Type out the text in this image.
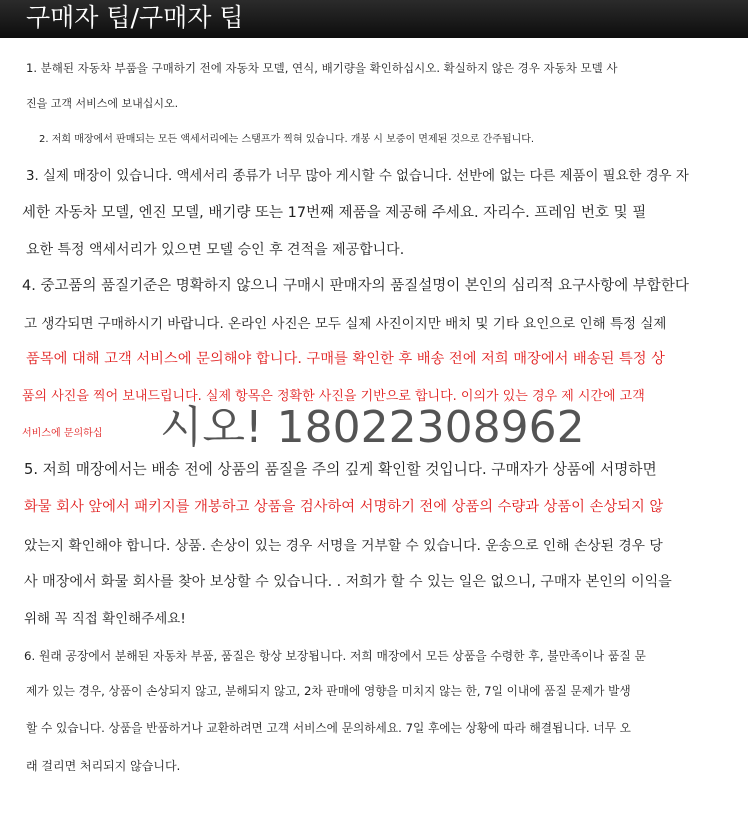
구매자 팁/구매자 팁
1. 분해된 자동차 부품을 구매하기 전에 자동차 모델, 연식, 배기량을 확인하십시오. 확실하지 않은 경우 자동차 모델 사
진을 고객 서비스에 보내십시오.
2. 저희 매장에서 판매되는 모든 액세서리에는 스탬프가 찍혀 있습니다. 개봉 시 보증이 면제된 것으로 간주됩니다.
3. 실제 매장이 있습니다. 액세서리 종류가 너무 많아 게시할 수 없습니다. 선반에 없는 다른 제품이 필요한 경우 자
세한 자동차 모델, 엔진 모델, 배기량 또는 17번째 제품을 제공해 주세요. 자리수. 프레임 번호 및 필
요한 특정 액세서리가 있으면 모델 승인 후 견적을 제공합니다.
4. 중고품의 품질기준은 명확하지 않으니 구매시 판매자의 품질설명이 본인의 심리적 요구사항에 부합한다
고 생각되면 구매하시기 바랍니다. 온라인 사진은 모두 실제 사진이지만 배치 및 기타 요인으로 인해 특정 실제
품목에 대해 고객 서비스에 문의해야 합니다. 구매를 확인한 후 배송 전에 저희 매장에서 배송된 특정 상
품의 사진을 찍어 보내드립니다. 실제 항목은 정확한 사진을 기반으로 합니다. 이의가 있는 경우 제 시간에 고객
서비스에 문의하십 시오! 18022308962
5. 저희 매장에서는 배송 전에 상품의 품질을 주의 깊게 확인할 것입니다. 구매자가 상품에 서명하면
화물 회사 앞에서 패키지를 개봉하고 상품을 검사하여 서명하기 전에 상품의 수량과 상품이 손상되지 않
았는지 확인해야 합니다. 상품. 손상이 있는 경우 서명을 거부할 수 있습니다. 운송으로 인해 손상된 경우 당
사 매장에서 화물 회사를 찾아 보상할 수 있습니다. . 저희가 할 수 있는 일은 없으니, 구매자 본인의 이익을
위해 꼭 직접 확인해주세요!
6. 원래 공장에서 분해된 자동차 부품, 품질은 항상 보장됩니다. 저희 매장에서 모든 상품을 수령한 후, 불만족이나 품질 문
제가 있는 경우, 상품이 손상되지 않고, 분해되지 않고, 2차 판매에 영향을 미치지 않는 한, 7일 이내에 품질 문제가 발생
할 수 있습니다. 상품을 반품하거나 교환하려면 고객 서비스에 문의하세요. 7일 후에는 상황에 따라 해결됩니다. 너무 오
래 걸리면 처리되지 않습니다.
